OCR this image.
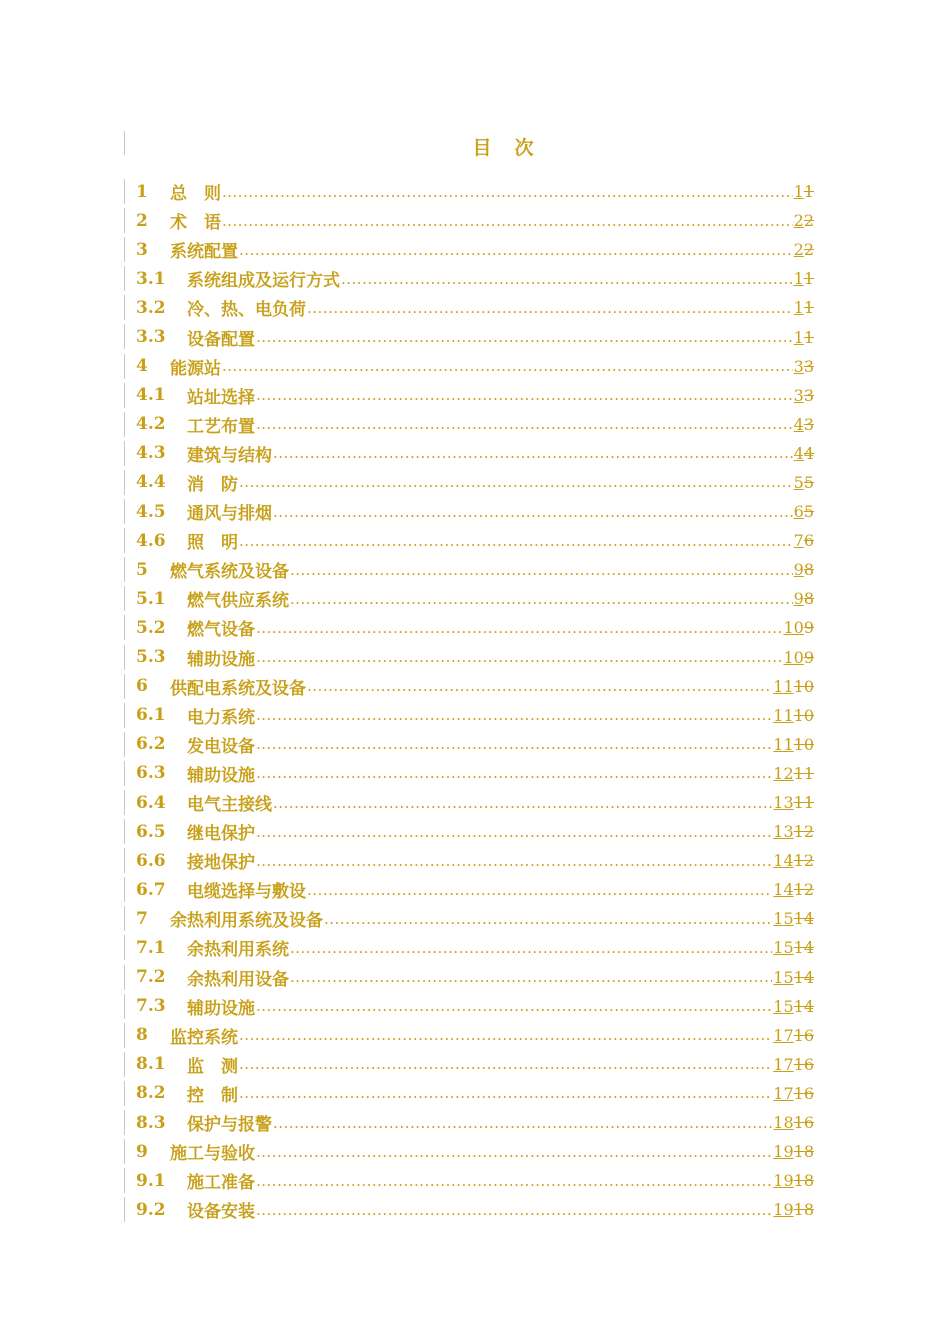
目　次
1	总　则 .....	1 1
2	术　语 .....	2 2
3	系统配置 .....	2 2
3.1	系统组成及运行方式 .....	1 1
3.2	冷、热、电负荷 .....	1 1
3.3	设备配置 .....	1 1
4	能源站 .....	3 3
4.1	站址选择 .....	3 3
4.2	工艺布置 .....	4 3
4.3	建筑与结构 .....	4 4
4.4	消　防 .....	5 5
4.5	通风与排烟 .....	6 5
4.6	照　明 .....	7 6
5	燃气系统及设备 .....	9 8
5.1	燃气供应系统 .....	9 8
5.2	燃气设备 .....	10 9
5.3	辅助设施 .....	10 9
6	供配电系统及设备 .....	11 10
6.1	电力系统 .....	11 10
6.2	发电设备 .....	11 10
6.3	辅助设施 .....	12 11
6.4	电气主接线 .....	13 11
6.5	继电保护 .....	13 12
6.6	接地保护 .....	14 12
6.7	电缆选择与敷设 .....	14 12
7	余热利用系统及设备 .....	15 14
7.1	余热利用系统 .....	15 14
7.2	余热利用设备 .....	15 14
7.3	辅助设施 .....	15 14
8	监控系统 .....	17 16
8.1	监　测 .....	17 16
8.2	控　制 .....	17 16
8.3	保护与报警 .....	18 16
9	施工与验收 .....	19 18
9.1	施工准备 .....	19 18
9.2	设备安装 .....	19 18
